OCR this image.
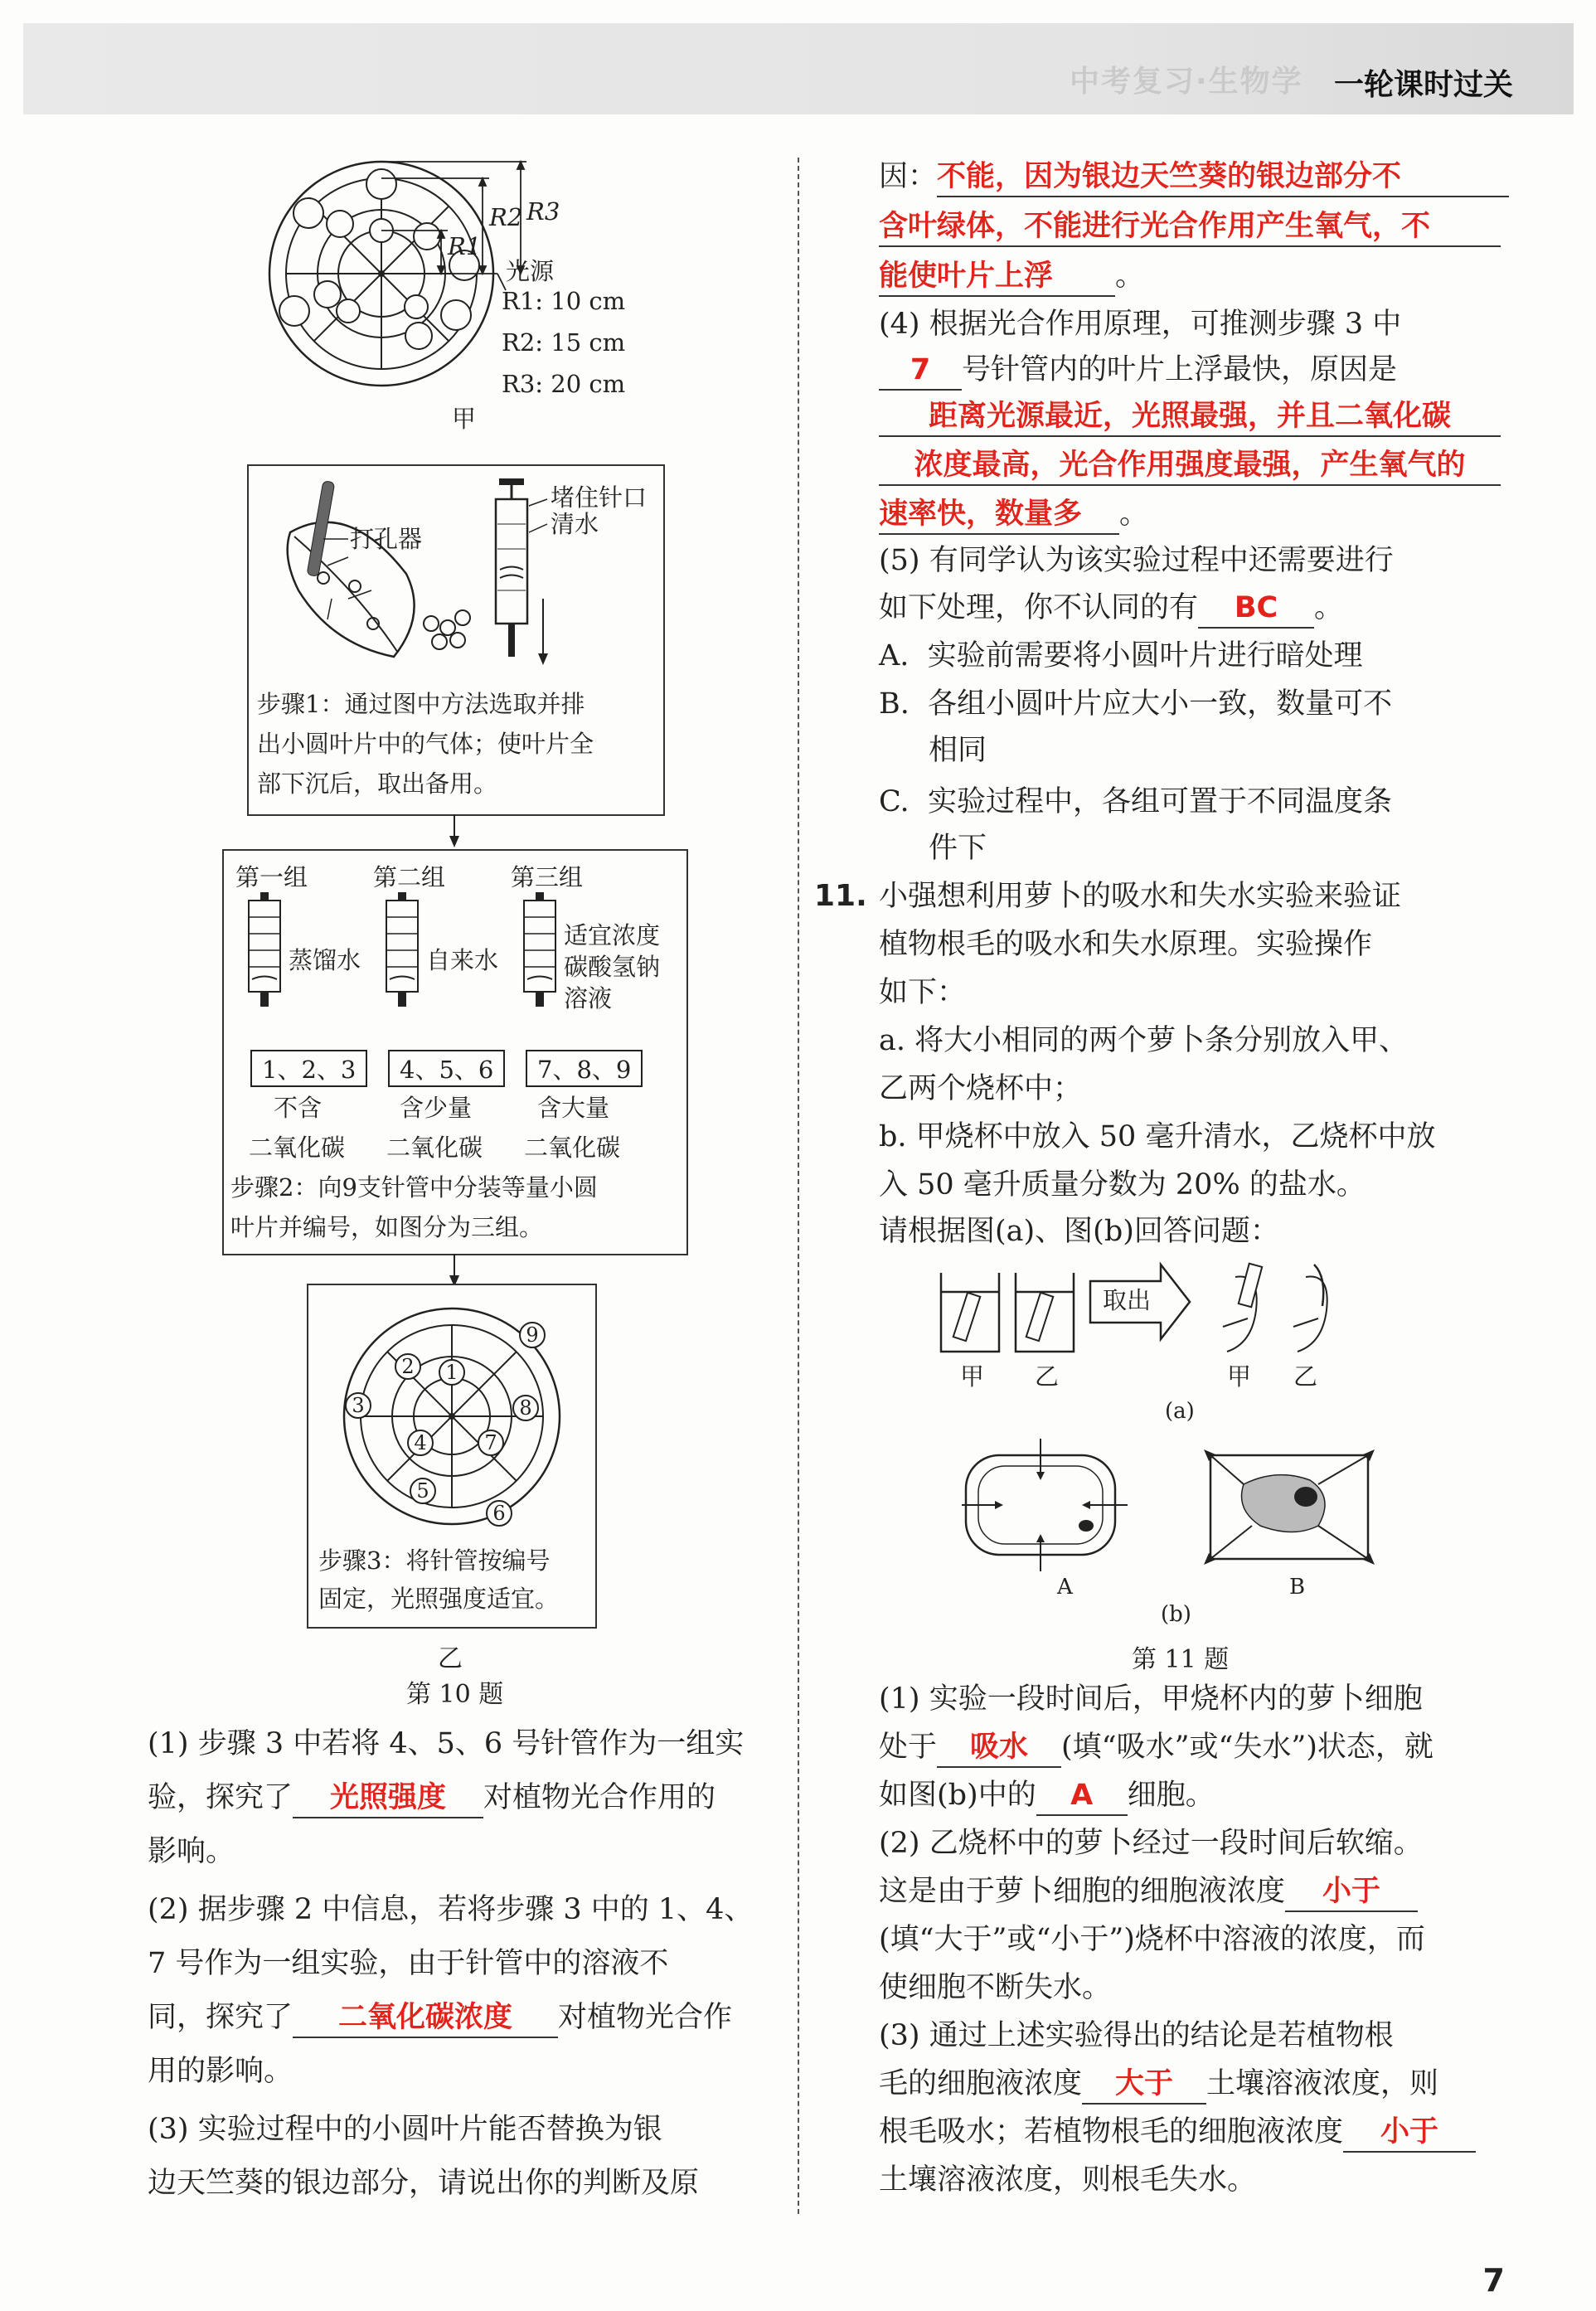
中考复习·生物学 一轮课时过关
R1
R2 R3
光源
R1: 10 cm
R2: 15 cm
R3: 20 cm
甲
打孔器
堵住针口
清水
步骤1：通过图中方法选取并排
出小圆叶片中的气体；使叶片全
部下沉后，取出备用。
第一组	第二组	第三组
蒸馏水	自来水
适宜浓度
碳酸氢钠
溶液
1、2、3	4、5、6	7、8、9
不含	含少量	含大量
二氧化碳 二氧化碳 二氧化碳
步骤2：向9支针管中分装等量小圆
叶片并编号，如图分为三组。
1
2
3
4
5
6
7
8
9
步骤3：将针管按编号
固定，光照强度适宜。
乙
第 10 题
(1) 步骤 3 中若将 4、5、6 号针管作为一组实
验，探究了 光照强度 对植物光合作用的
影响。
(2) 据步骤 2 中信息，若将步骤 3 中的 1、4、
7 号作为一组实验，由于针管中的溶液不
同，探究了 二氧化碳浓度 对植物光合作
用的影响。
(3) 实验过程中的小圆叶片能否替换为银
边天竺葵的银边部分，请说出你的判断及原
因：不能，因为银边天竺葵的银边部分不
含叶绿体，不能进行光合作用产生氧气，不
能使叶片上浮 。
(4) 根据光合作用原理，可推测步骤 3 中
7 号针管内的叶片上浮最快，原因是
距离光源最近，光照最强，并且二氧化碳
浓度最高，光合作用强度最强，产生氧气的
速率快，数量多 。
(5) 有同学认为该实验过程中还需要进行
如下处理，你不认同的有 BC 。
A. 实验前需要将小圆叶片进行暗处理
B. 各组小圆叶片应大小一致，数量可不
相同
C. 实验过程中，各组可置于不同温度条
件下
11. 小强想利用萝卜的吸水和失水实验来验证
植物根毛的吸水和失水原理。实验操作
如下：
a. 将大小相同的两个萝卜条分别放入甲、
乙两个烧杯中；
b. 甲烧杯中放入 50 毫升清水，乙烧杯中放
入 50 毫升质量分数为 20% 的盐水。
请根据图(a)、图(b)回答问题：
甲 乙
取出
甲 乙
(a)
A	B
(b)
第 11 题
(1) 实验一段时间后，甲烧杯内的萝卜细胞
处于 吸水 (填“吸水”或“失水”)状态，就
如图(b)中的 A 细胞。
(2) 乙烧杯中的萝卜经过一段时间后软缩。
这是由于萝卜细胞的细胞液浓度 小于
(填“大于”或“小于”)烧杯中溶液的浓度，而
使细胞不断失水。
(3) 通过上述实验得出的结论是若植物根
毛的细胞液浓度 大于 土壤溶液浓度，则
根毛吸水；若植物根毛的细胞液浓度 小于
土壤溶液浓度，则根毛失水。
7
